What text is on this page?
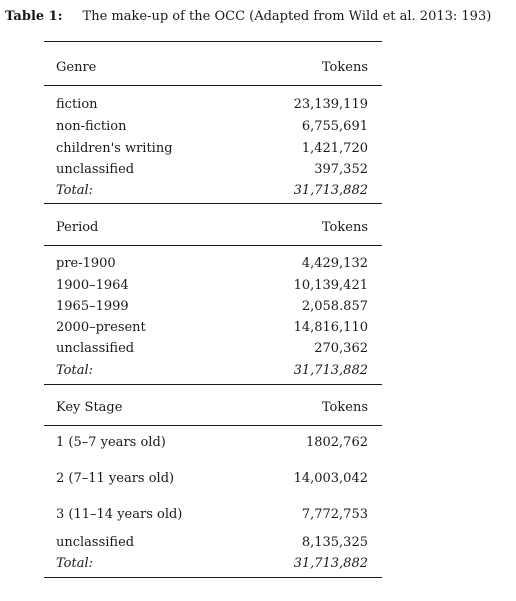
Table 1: The make-up of the OCC (Adapted from Wild et al. 2013: 193)
Genre	Tokens
fiction	23,139,119
non-fiction	6,755,691
children's writing	1,421,720
unclassified	397,352
Total:	31,713,882
Period	Tokens
pre-1900	4,429,132
1900–1964	10,139,421
1965–1999	2,058.857
2000–present	14,816,110
unclassified	270,362
Total:	31,713,882
Key Stage	Tokens
1 (5–7 years old)	1802,762
2 (7–11 years old)	14,003,042
3 (11–14 years old)	7,772,753
unclassified	8,135,325
Total:	31,713,882
